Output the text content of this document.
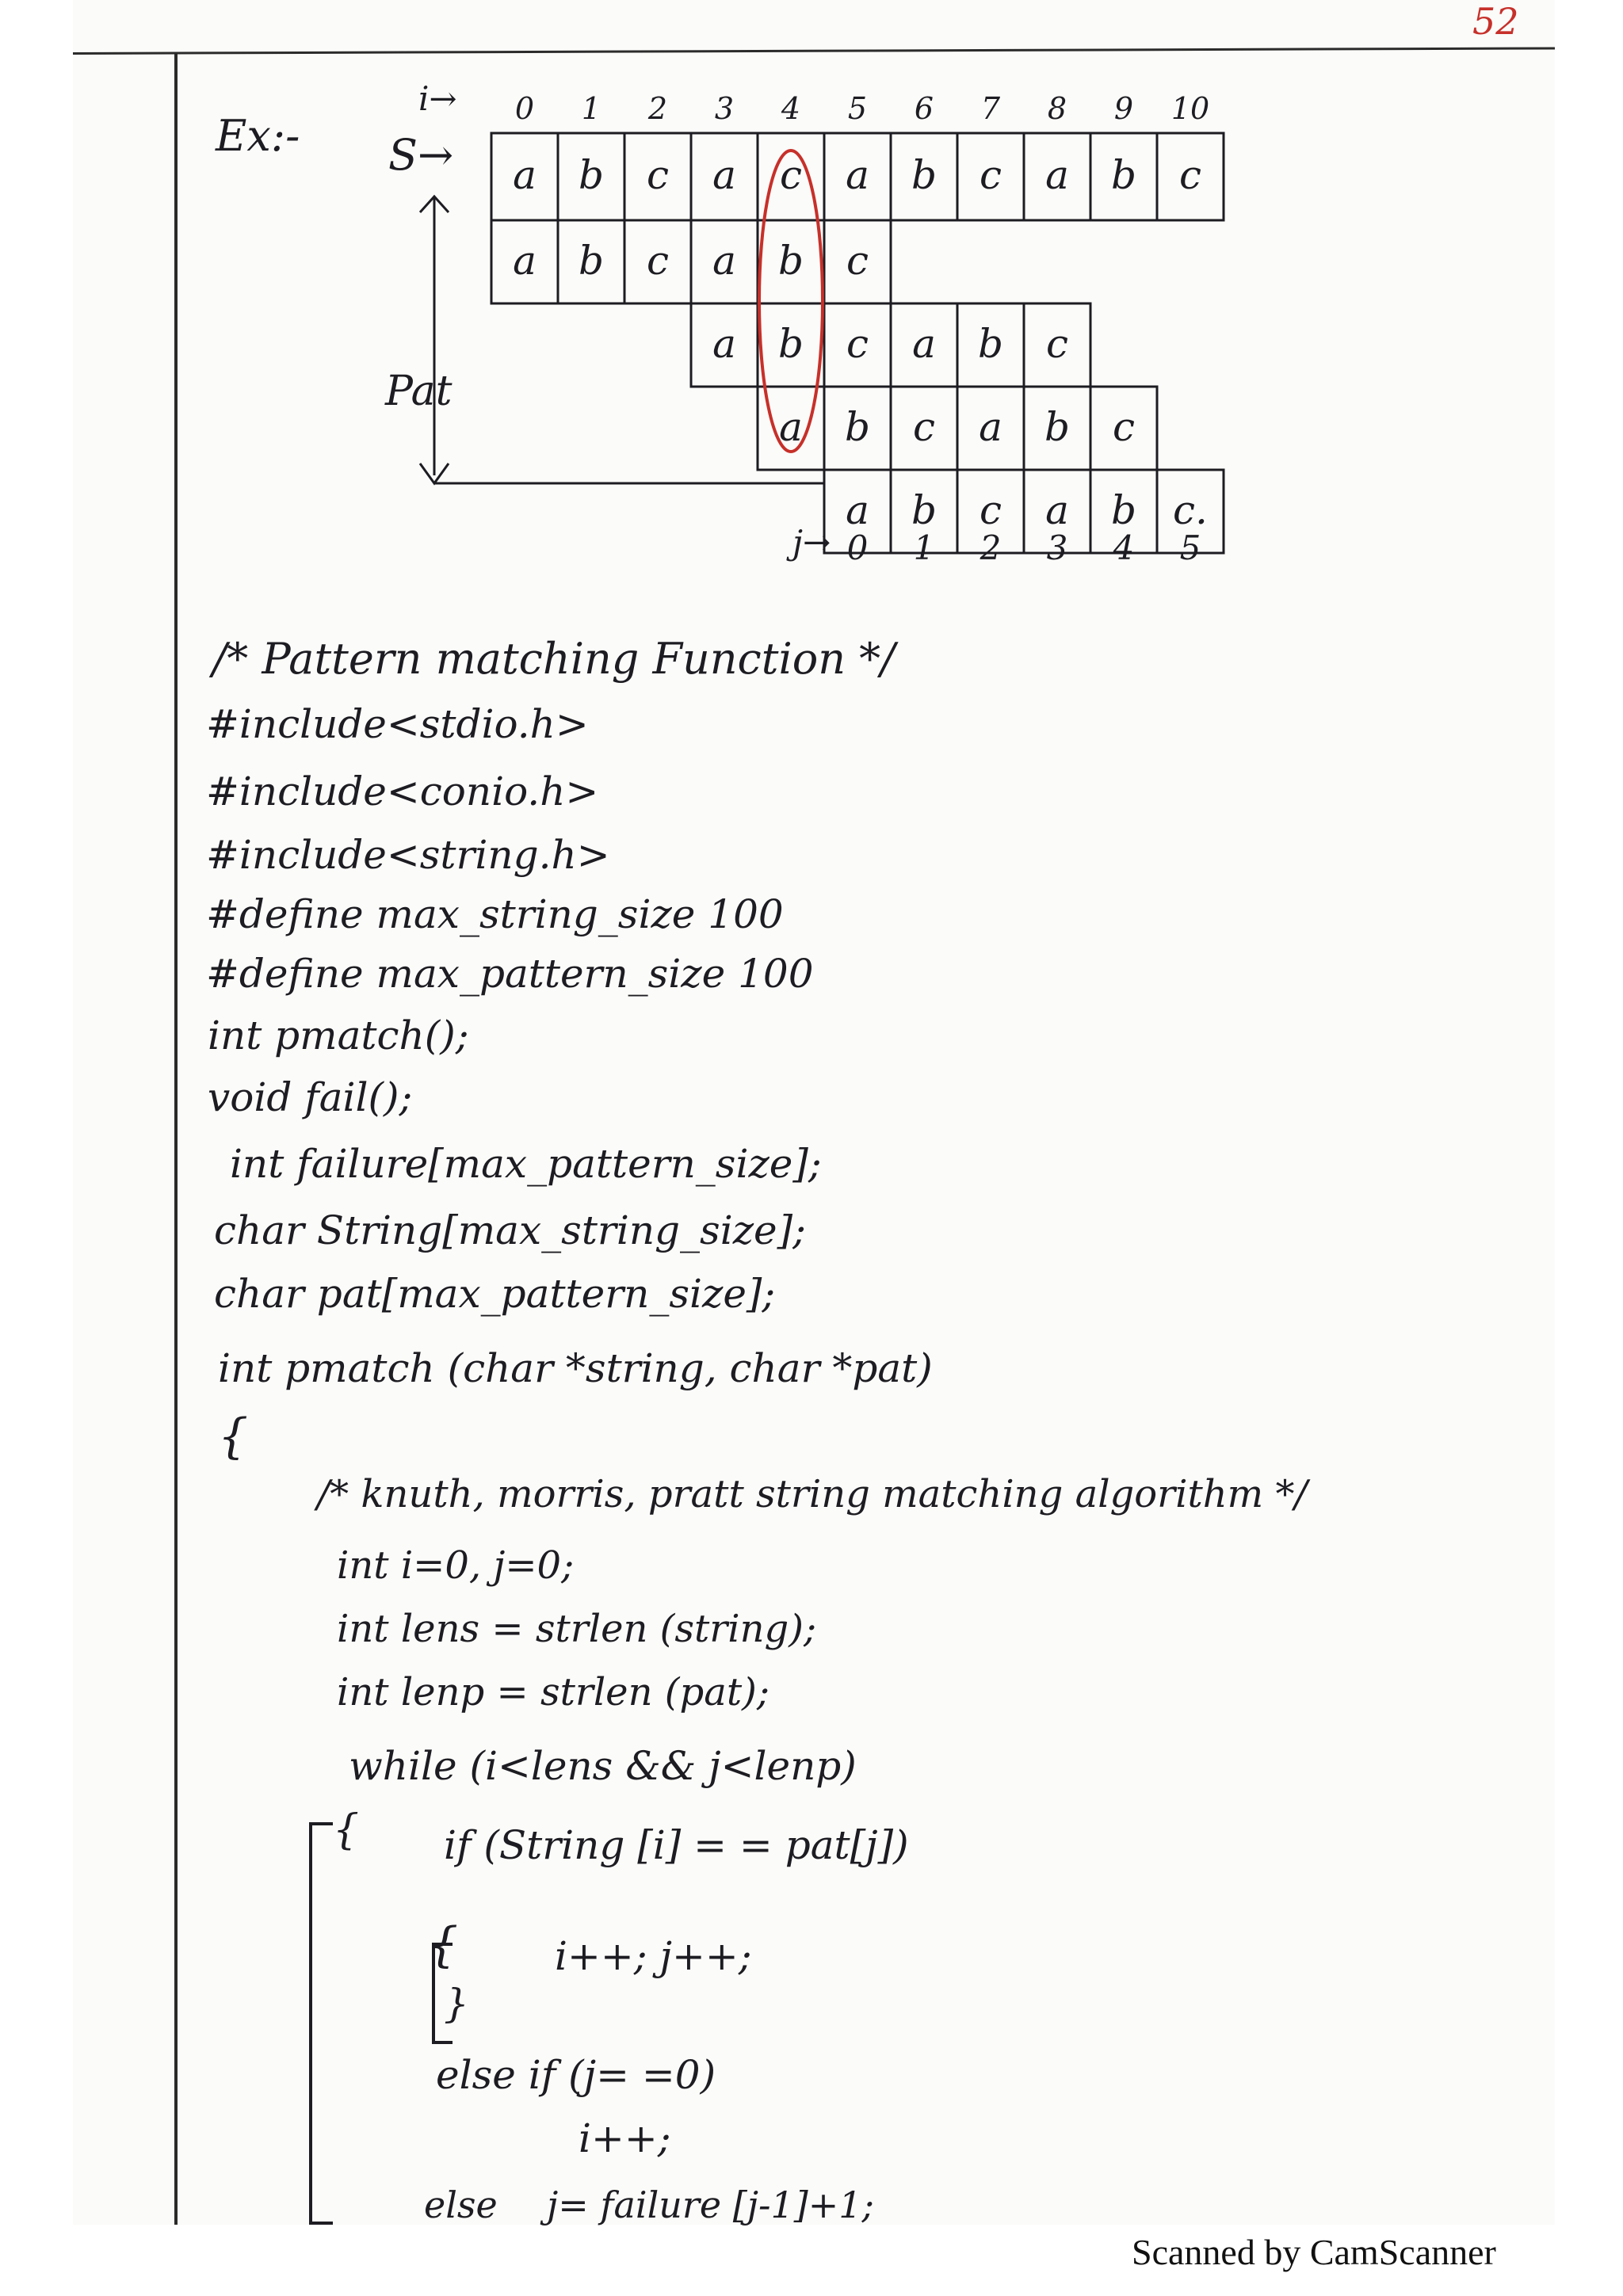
52
Ex:- S→
i→
Pat
j→
0 1 2 3 4 5 6 7 8 9 10
a b c a c a b c a b c
a b c a b c
a b c a b c
a b c a b c
a b c a b c.
0 1 2 3 4 5
/* Pattern matching Function */
#include<stdio.h>
#include<conio.h>
#include<string.h>
#define max_string_size 100
#define max_pattern_size 100
int pmatch();
void fail();
int failure[max_pattern_size];
char String[max_string_size];
char pat[max_pattern_size];
int pmatch (char *string, char *pat)
{
/* knuth, morris, pratt string matching algorithm */
int i=0, j=0;
int lens = strlen (string);
int lenp = strlen (pat);
while (i<lens && j<lenp)
{ if (String [i] = = pat[j])
{ i++; j++;
}
else if (j= =0)
i++;
else j= failure [j-1]+1;
Scanned by CamScanner
